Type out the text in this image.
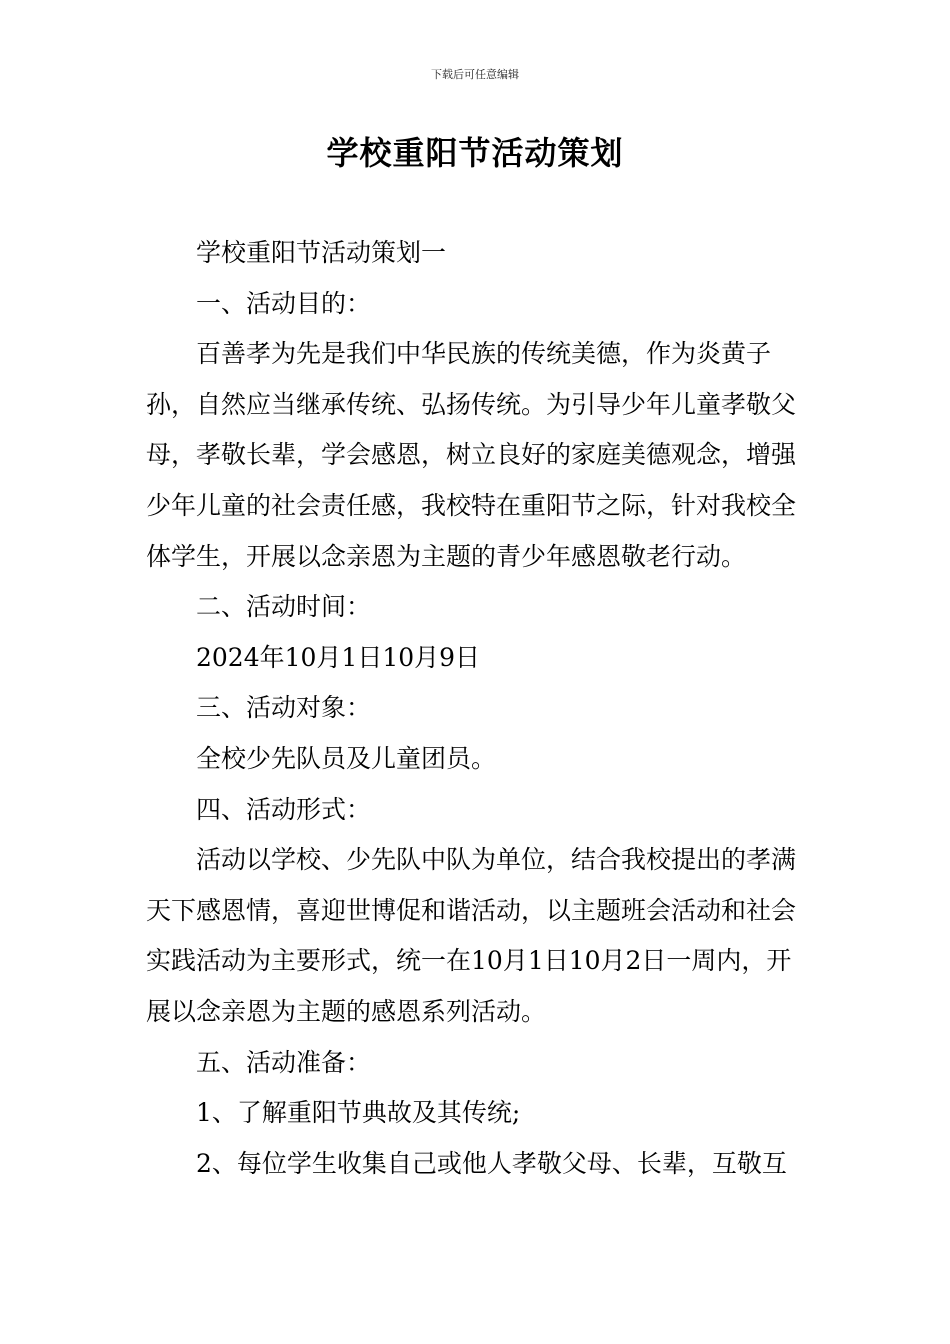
下载后可任意编辑
学校重阳节活动策划

学校重阳节活动策划一

一、活动目的：

百善孝为先是我们中华民族的传统美德，作为炎黄子孙，自然应当继承传统、弘扬传统。为引导少年儿童孝敬父母，孝敬长辈，学会感恩，树立良好的家庭美德观念，增强少年儿童的社会责任感，我校特在重阳节之际，针对我校全体学生，开展以念亲恩为主题的青少年感恩敬老行动。

二、活动时间：

2024年10月1日10月9日

三、活动对象：

全校少先队员及儿童团员。

四、活动形式：

活动以学校、少先队中队为单位，结合我校提出的孝满天下感恩情，喜迎世博促和谐活动，以主题班会活动和社会实践活动为主要形式，统一在10月1日10月2日一周内，开展以念亲恩为主题的感恩系列活动。

五、活动准备：

1、了解重阳节典故及其传统;

2、每位学生收集自己或他人孝敬父母、长辈，互敬互
